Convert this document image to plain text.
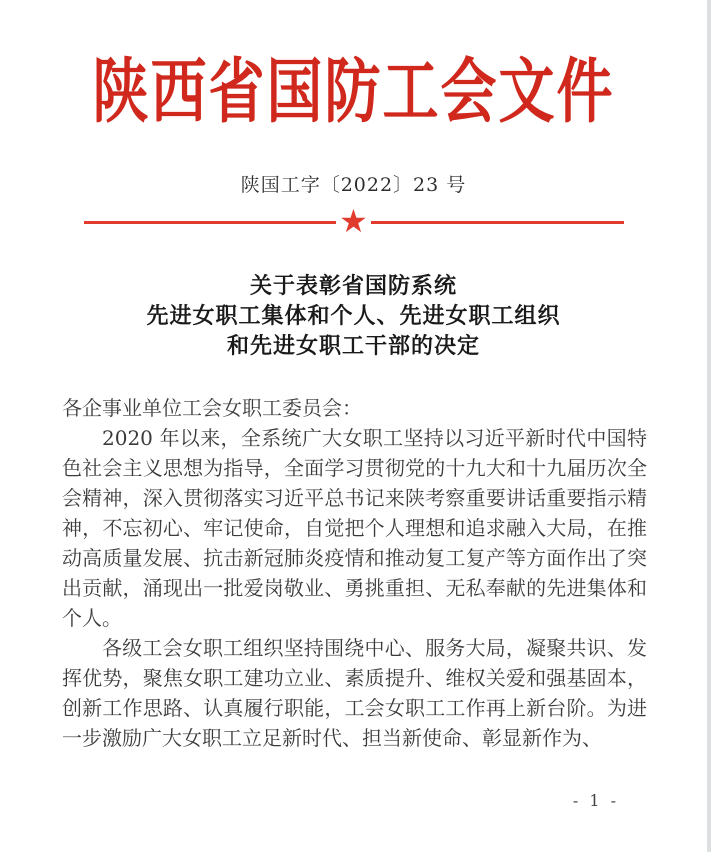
陕西省国防工会文件
陕国工字〔2022〕23 号
★
关于表彰省国防系统
先进女职工集体和个人、先进女职工组织
和先进女职工干部的决定

各企事业单位工会女职工委员会：

2020 年以来，全系统广大女职工坚持以习近平新时代中国特色社会主义思想为指导，全面学习贯彻党的十九大和十九届历次全会精神，深入贯彻落实习近平总书记来陕考察重要讲话重要指示精神，不忘初心、牢记使命，自觉把个人理想和追求融入大局，在推动高质量发展、抗击新冠肺炎疫情和推动复工复产等方面作出了突出贡献，涌现出一批爱岗敬业、勇挑重担、无私奉献的先进集体和个人。

各级工会女职工组织坚持围绕中心、服务大局，凝聚共识、发挥优势，聚焦女职工建功立业、素质提升、维权关爱和强基固本，创新工作思路、认真履行职能，工会女职工工作再上新台阶。为进一步激励广大女职工立足新时代、担当新使命、彰显新作为、

- 1 -
